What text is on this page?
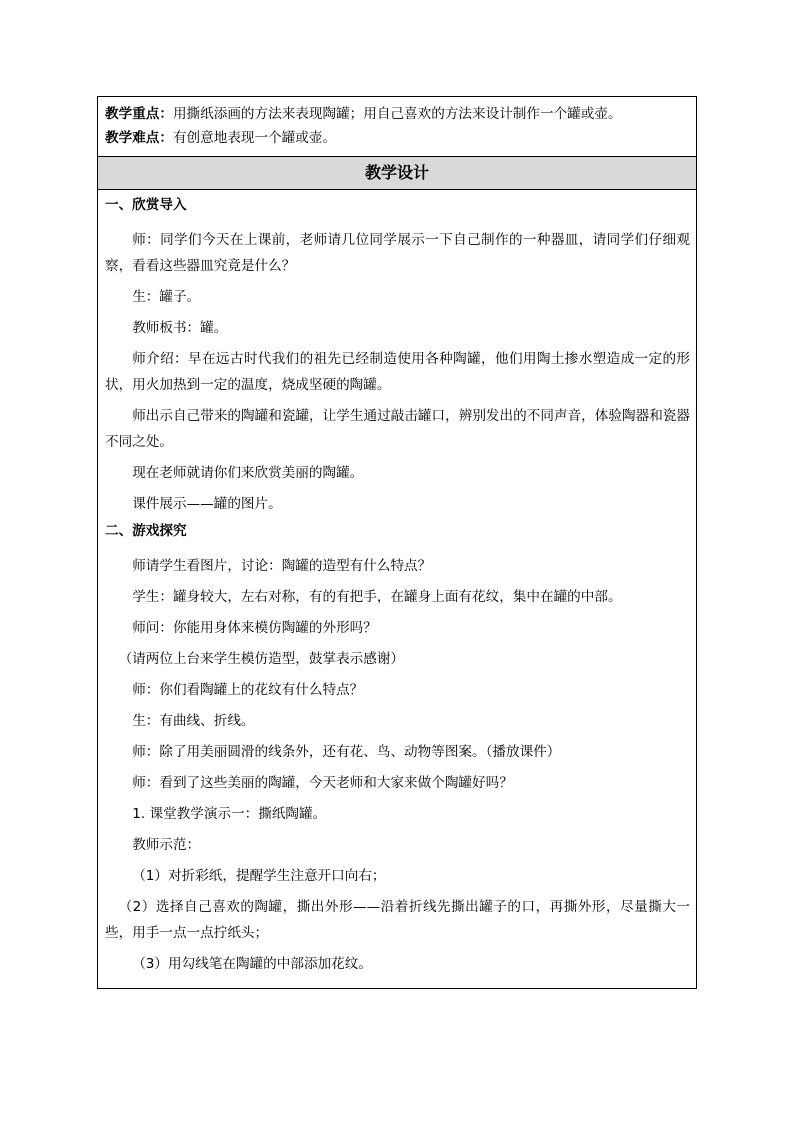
教学重点：用撕纸添画的方法来表现陶罐；用自己喜欢的方法来设计制作一个罐或壶。
教学难点：有创意地表现一个罐或壶。
教学设计
一、欣赏导入

师：同学们今天在上课前，老师请几位同学展示一下自己制作的一种器皿，请同学们仔细观察，看看这些器皿究竟是什么？

生：罐子。

教师板书：罐。

师介绍：早在远古时代我们的祖先已经制造使用各种陶罐，他们用陶土掺水塑造成一定的形状，用火加热到一定的温度，烧成坚硬的陶罐。

师出示自己带来的陶罐和瓷罐，让学生通过敲击罐口，辨别发出的不同声音，体验陶器和瓷器不同之处。

现在老师就请你们来欣赏美丽的陶罐。

课件展示——罐的图片。

二、游戏探究

师请学生看图片，讨论：陶罐的造型有什么特点？

学生：罐身较大，左右对称，有的有把手，在罐身上面有花纹，集中在罐的中部。

师问：你能用身体来模仿陶罐的外形吗？

（请两位上台来学生模仿造型，鼓掌表示感谢）

师：你们看陶罐上的花纹有什么特点？

生：有曲线、折线。

师：除了用美丽圆滑的线条外，还有花、鸟、动物等图案。（播放课件）

师：看到了这些美丽的陶罐，今天老师和大家来做个陶罐好吗？

1. 课堂教学演示一：撕纸陶罐。

教师示范：

（1）对折彩纸，提醒学生注意开口向右；

（2）选择自己喜欢的陶罐，撕出外形——沿着折线先撕出罐子的口，再撕外形，尽量撕大一些，用手一点一点拧纸头；

（3）用勾线笔在陶罐的中部添加花纹。
